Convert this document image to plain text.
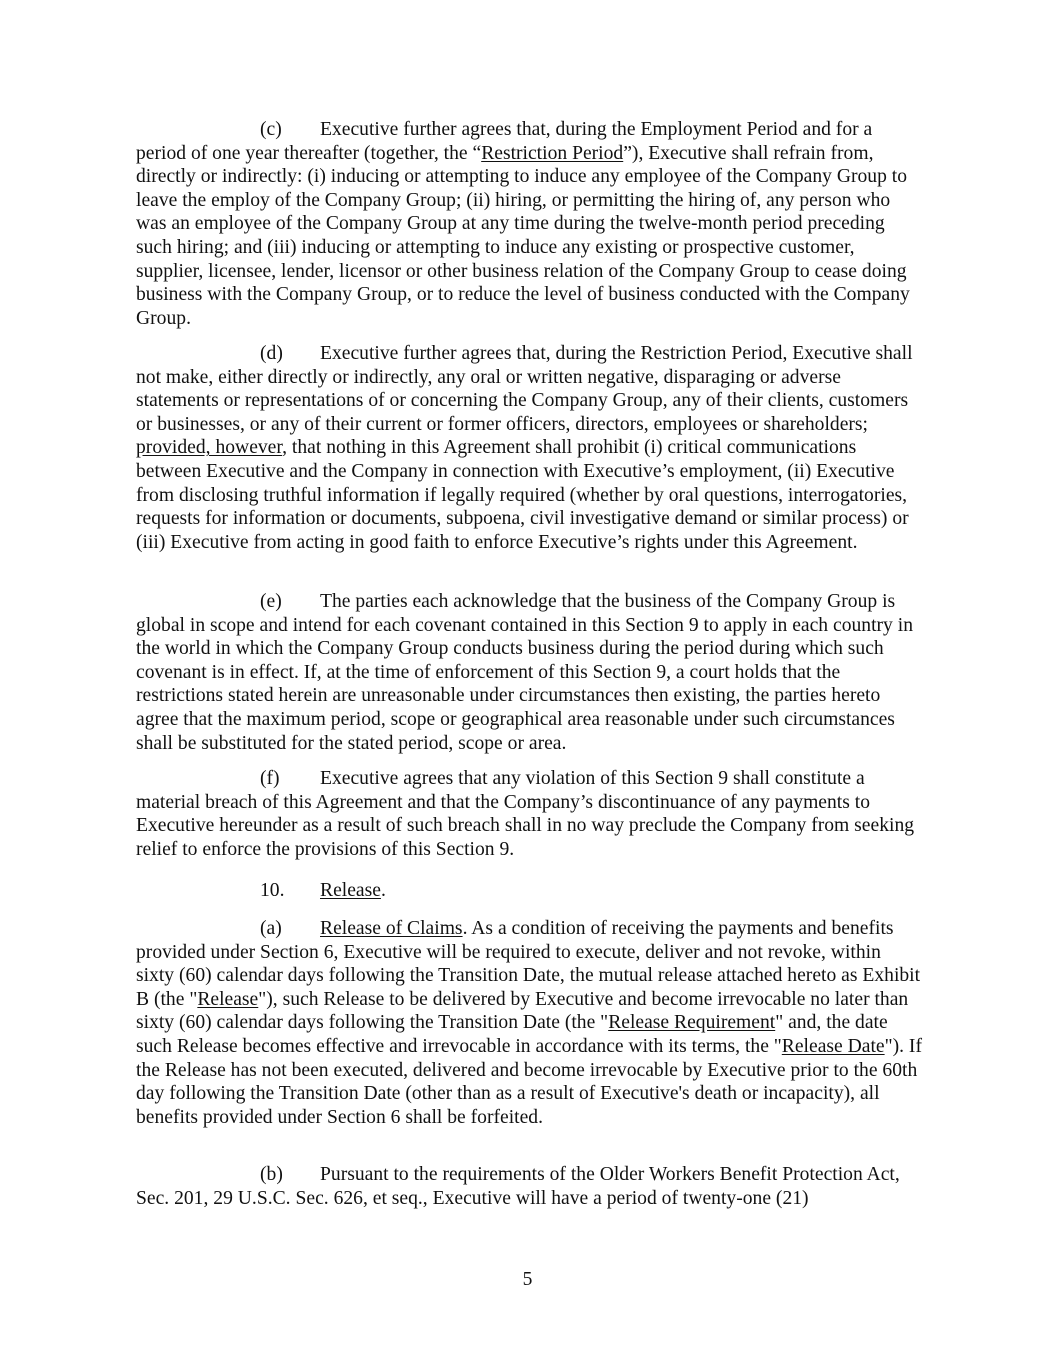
(c) Executive further agrees that, during the Employment Period and for a period of one year thereafter (together, the “Restriction Period”), Executive shall refrain from, directly or indirectly: (i) inducing or attempting to induce any employee of the Company Group to leave the employ of the Company Group; (ii) hiring, or permitting the hiring of, any person who was an employee of the Company Group at any time during the twelve-month period preceding such hiring; and (iii) inducing or attempting to induce any existing or prospective customer, supplier, licensee, lender, licensor or other business relation of the Company Group to cease doing business with the Company Group, or to reduce the level of business conducted with the Company Group.

(d) Executive further agrees that, during the Restriction Period, Executive shall not make, either directly or indirectly, any oral or written negative, disparaging or adverse statements or representations of or concerning the Company Group, any of their clients, customers or businesses, or any of their current or former officers, directors, employees or shareholders; provided, however, that nothing in this Agreement shall prohibit (i) critical communications between Executive and the Company in connection with Executive’s employment, (ii) Executive from disclosing truthful information if legally required (whether by oral questions, interrogatories, requests for information or documents, subpoena, civil investigative demand or similar process) or (iii) Executive from acting in good faith to enforce Executive’s rights under this Agreement.

(e) The parties each acknowledge that the business of the Company Group is global in scope and intend for each covenant contained in this Section 9 to apply in each country in the world in which the Company Group conducts business during the period during which such covenant is in effect. If, at the time of enforcement of this Section 9, a court holds that the restrictions stated herein are unreasonable under circumstances then existing, the parties hereto agree that the maximum period, scope or geographical area reasonable under such circumstances shall be substituted for the stated period, scope or area.

(f) Executive agrees that any violation of this Section 9 shall constitute a material breach of this Agreement and that the Company’s discontinuance of any payments to Executive hereunder as a result of such breach shall in no way preclude the Company from seeking relief to enforce the provisions of this Section 9.

10. Release.

(a) Release of Claims. As a condition of receiving the payments and benefits provided under Section 6, Executive will be required to execute, deliver and not revoke, within sixty (60) calendar days following the Transition Date, the mutual release attached hereto as Exhibit B (the "Release"), such Release to be delivered by Executive and become irrevocable no later than sixty (60) calendar days following the Transition Date (the "Release Requirement" and, the date such Release becomes effective and irrevocable in accordance with its terms, the "Release Date"). If the Release has not been executed, delivered and become irrevocable by Executive prior to the 60th day following the Transition Date (other than as a result of Executive's death or incapacity), all benefits provided under Section 6 shall be forfeited.

(b) Pursuant to the requirements of the Older Workers Benefit Protection Act, Sec. 201, 29 U.S.C. Sec. 626, et seq., Executive will have a period of twenty-one (21)

5
